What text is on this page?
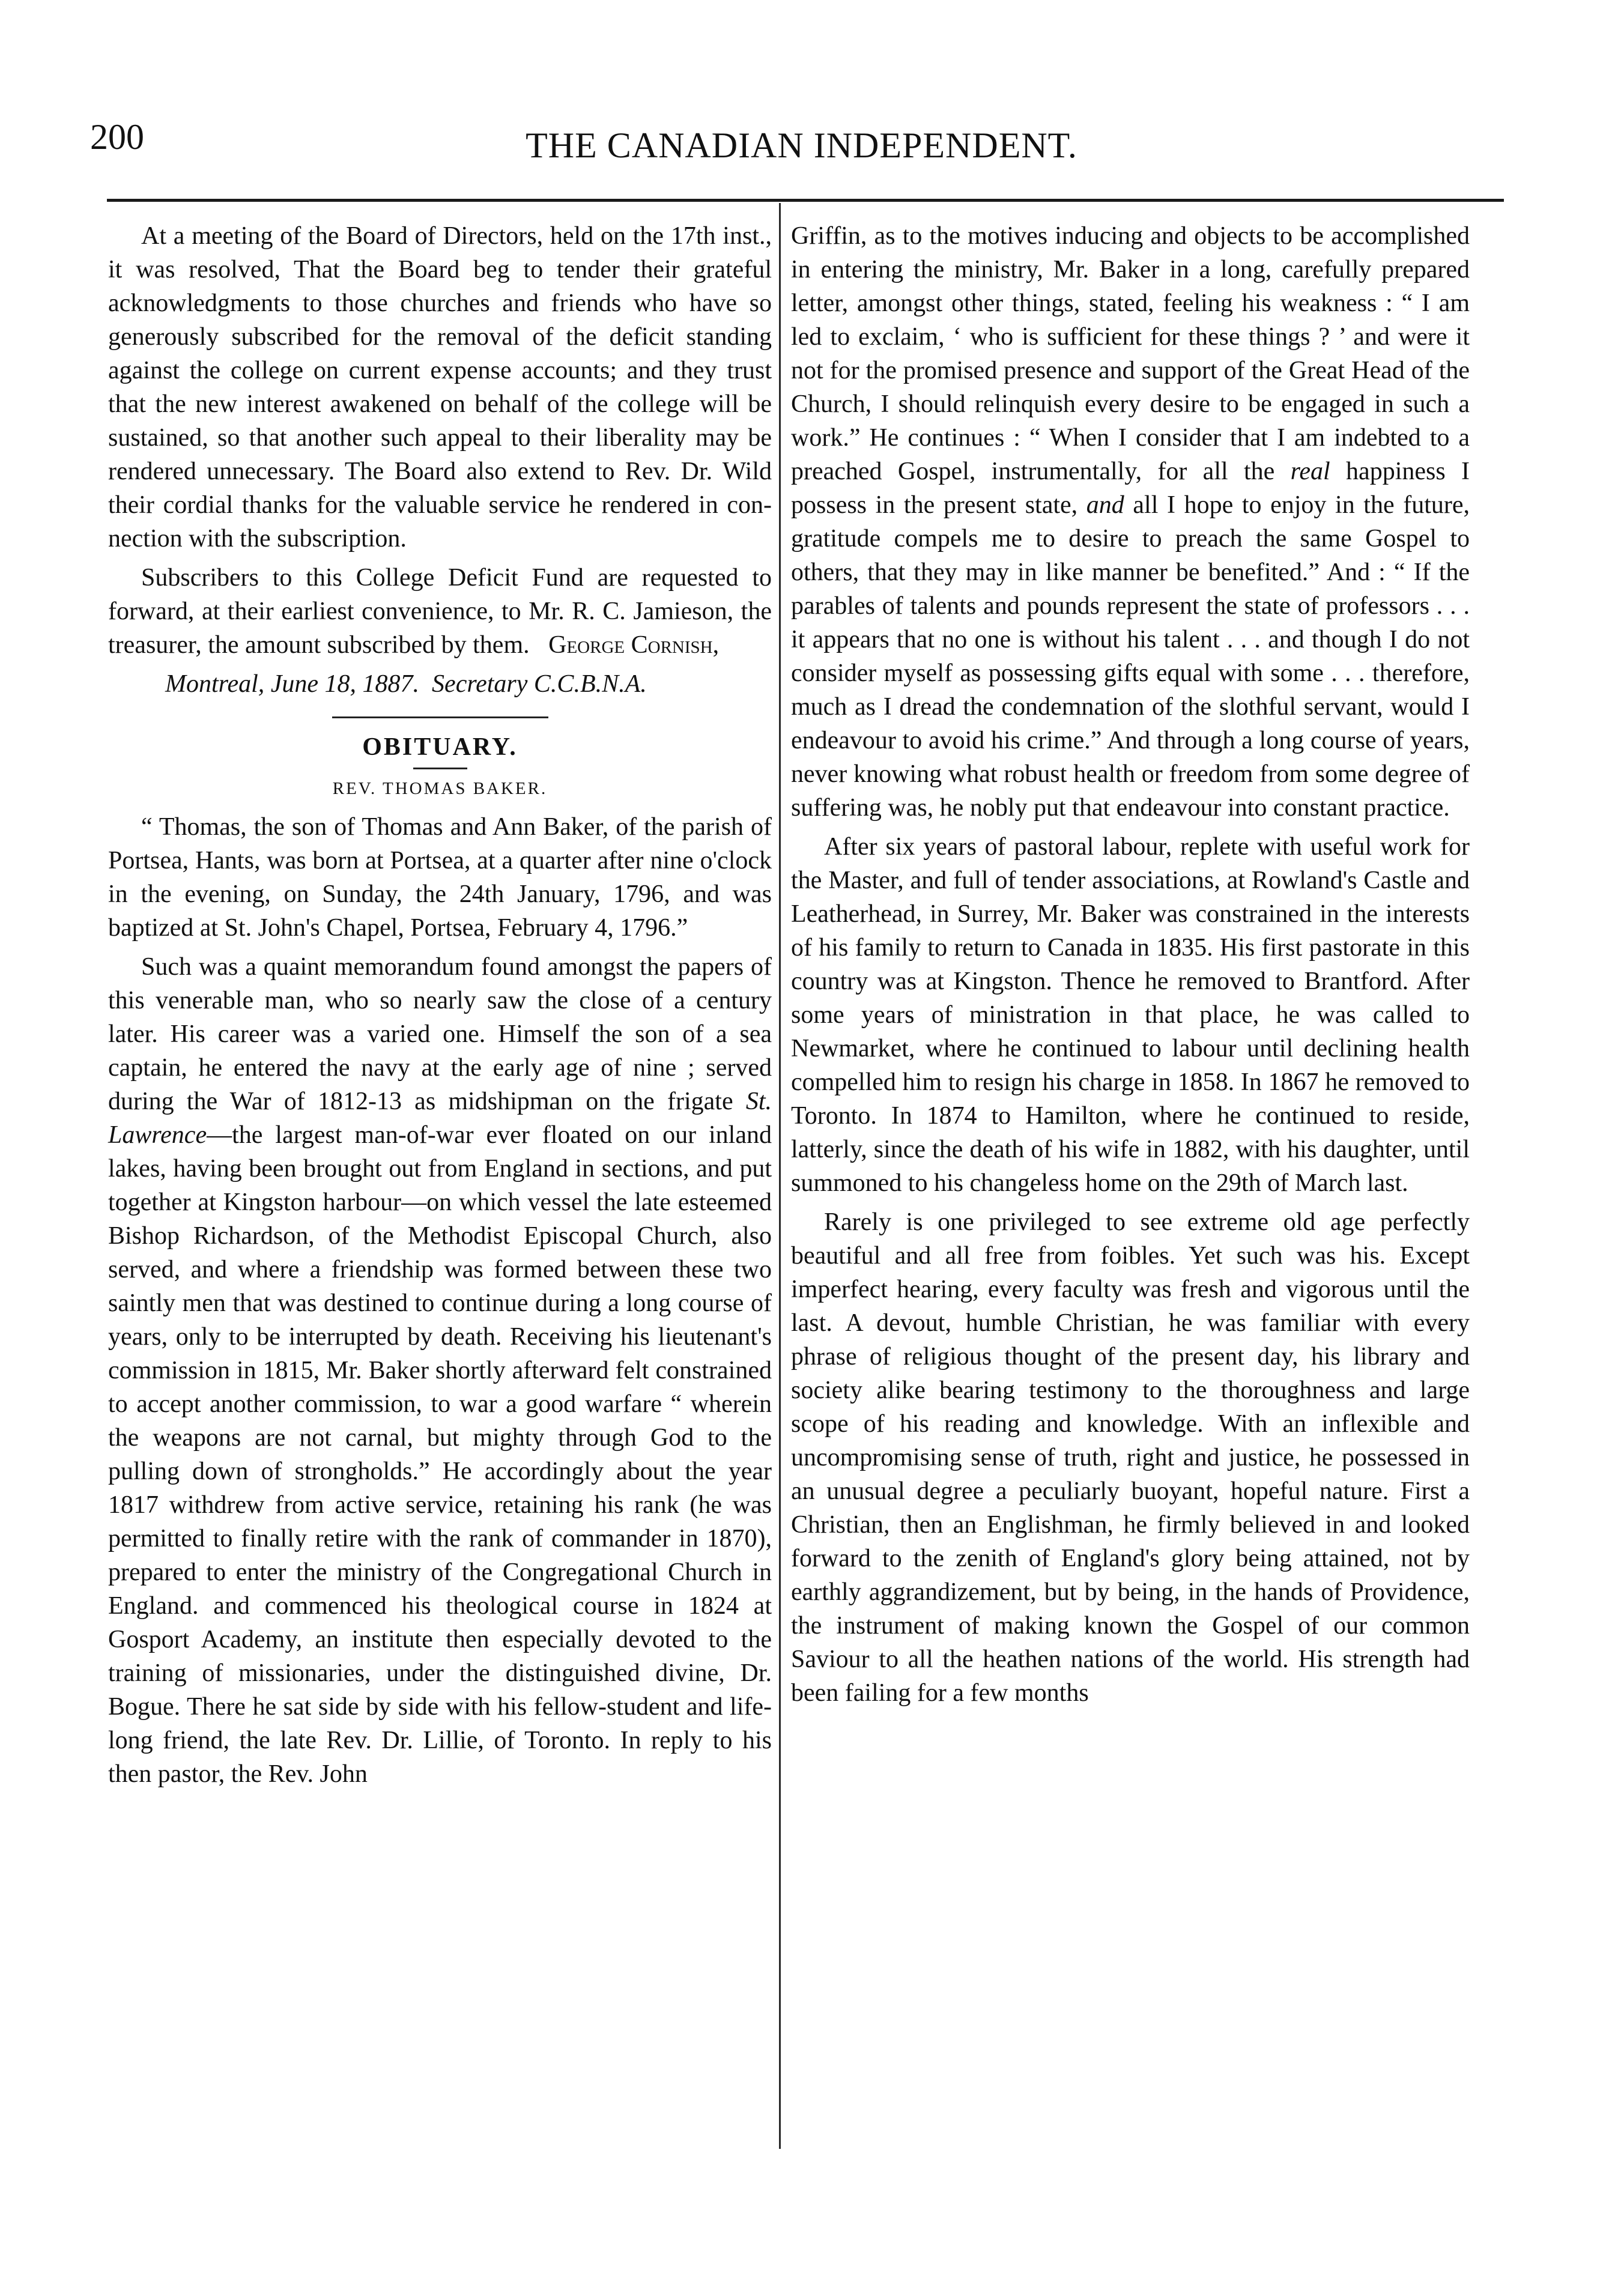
200	THE CANADIAN INDEPENDENT.

At a meeting of the Board of Directors, held on the 17th inst., it was resolved, That the Board beg to tender their grateful acknowledgments to those churches and friends who have so generously subscribed for the removal of the deficit standing against the college on current expense accounts; and they trust that the new interest awakened on behalf of the college will be sustained, so that another such appeal to their liberality may be rendered unnecessary. The Board also extend to Rev. Dr. Wild their cordial thanks for the valuable service he rendered in connection with the subscription.

Subscribers to this College Deficit Fund are requested to forward, at their earliest convenience, to Mr. R. C. Jamieson, the treasurer, the amount subscribed by them. George Cornish,

Montreal, June 18, 1887. Secretary C.C.B.N.A.

OBITUARY.
REV. THOMAS BAKER.

“ Thomas, the son of Thomas and Ann Baker, of the parish of Portsea, Hants, was born at Portsea, at a quarter after nine o'clock in the evening, on Sunday, the 24th January, 1796, and was baptized at St. John's Chapel, Portsea, February 4, 1796.”

Such was a quaint memorandum found amongst the papers of this venerable man, who so nearly saw the close of a century later. His career was a varied one. Himself the son of a sea captain, he entered the navy at the early age of nine ; served during the War of 1812-13 as midshipman on the frigate St. Lawrence—the largest man-of-war ever floated on our inland lakes, having been brought out from England in sections, and put together at Kingston harbour—on which vessel the late esteemed Bishop Richardson, of the Methodist Episcopal Church, also served, and where a friendship was formed between these two saintly men that was destined to continue during a long course of years, only to be interrupted by death. Receiving his lieutenant's commission in 1815, Mr. Baker shortly afterward felt constrained to accept another commission, to war a good warfare “ wherein the weapons are not carnal, but mighty through God to the pulling down of strongholds.” He accordingly about the year 1817 withdrew from active service, retaining his rank (he was permitted to finally retire with the rank of commander in 1870), prepared to enter the ministry of the Congregational Church in England. and commenced his theological course in 1824 at Gosport Academy, an institute then especially devoted to the training of missionaries, under the distinguished divine, Dr. Bogue. There he sat side by side with his fellow-student and life-long friend, the late Rev. Dr. Lillie, of Toronto. In reply to his then pastor, the Rev. John

Griffin, as to the motives inducing and objects to be accomplished in entering the ministry, Mr. Baker in a long, carefully prepared letter, amongst other things, stated, feeling his weakness : “ I am led to exclaim, ‘ who is sufficient for these things ? ’ and were it not for the promised presence and support of the Great Head of the Church, I should relinquish every desire to be engaged in such a work.” He continues : “ When I consider that I am indebted to a preached Gospel, instrumentally, for all the real happiness I possess in the present state, and all I hope to enjoy in the future, gratitude compels me to desire to preach the same Gospel to others, that they may in like manner be benefited.” And : “ If the parables of talents and pounds represent the state of professors . . . it appears that no one is without his talent . . . and though I do not consider myself as possessing gifts equal with some . . . therefore, much as I dread the condemnation of the slothful servant, would I endeavour to avoid his crime.” And through a long course of years, never knowing what robust health or freedom from some degree of suffering was, he nobly put that endeavour into constant practice.

After six years of pastoral labour, replete with useful work for the Master, and full of tender associations, at Rowland's Castle and Leatherhead, in Surrey, Mr. Baker was constrained in the interests of his family to return to Canada in 1835. His first pastorate in this country was at Kingston. Thence he removed to Brantford. After some years of ministration in that place, he was called to Newmarket, where he continued to labour until declining health compelled him to resign his charge in 1858. In 1867 he removed to Toronto. In 1874 to Hamilton, where he continued to reside, latterly, since the death of his wife in 1882, with his daughter, until summoned to his changeless home on the 29th of March last.

Rarely is one privileged to see extreme old age perfectly beautiful and all free from foibles. Yet such was his. Except imperfect hearing, every faculty was fresh and vigorous until the last. A devout, humble Christian, he was familiar with every phrase of religious thought of the present day, his library and society alike bearing testimony to the thoroughness and large scope of his reading and knowledge. With an inflexible and uncompromising sense of truth, right and justice, he possessed in an unusual degree a peculiarly buoyant, hopeful nature. First a Christian, then an Englishman, he firmly believed in and looked forward to the zenith of England's glory being attained, not by earthly aggrandizement, but by being, in the hands of Providence, the instrument of making known the Gospel of our common Saviour to all the heathen nations of the world. His strength had been failing for a few months
